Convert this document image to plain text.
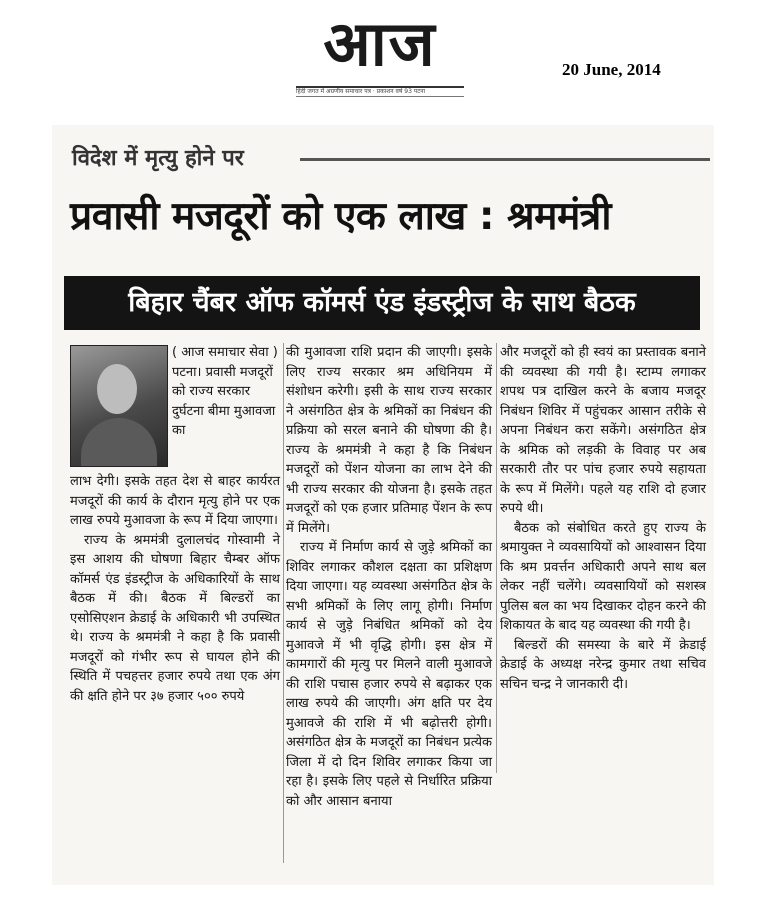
आज
हिंदी जगत में अग्रणीय समाचार पत्र · प्रकाशन वर्ष 93 पटना
20 June, 2014
विदेश में मृत्यु होने पर
प्रवासी मजदूरों को एक लाख : श्रममंत्री
बिहार चैंबर ऑफ कॉमर्स एंड इंडस्ट्रीज के साथ बैठक
( आज समाचार सेवा ) पटना। प्रवासी मजदूरों को राज्य सरकार दुर्घटना बीमा मुआवजा का

लाभ देगी। इसके तहत देश से बाहर कार्यरत मजदूरों की कार्य के दौरान मृत्यु होने पर एक लाख रुपये मुआवजा के रूप में दिया जाएगा।

राज्य के श्रममंत्री दुलालचंद गोस्वामी ने इस आशय की घोषणा बिहार चैम्बर ऑफ कॉमर्स एंड इंडस्ट्रीज के अधिकारियों के साथ बैठक में की। बैठक में बिल्डरों का एसोसिएशन क्रेडाई के अधिकारी भी उपस्थित थे। राज्य के श्रममंत्री ने कहा है कि प्रवासी मजदूरों को गंभीर रूप से घायल होने की स्थिति में पचहत्तर हजार रुपये तथा एक अंग की क्षति होने पर ३७ हजार ५०० रुपये

की मुआवजा राशि प्रदान की जाएगी। इसके लिए राज्य सरकार श्रम अधिनियम में संशोधन करेगी। इसी के साथ राज्य सरकार ने असंगठित क्षेत्र के श्रमिकों का निबंधन की प्रक्रिया को सरल बनाने की घोषणा की है। राज्य के श्रममंत्री ने कहा है कि निबंधन मजदूरों को पेंशन योजना का लाभ देने की भी राज्य सरकार की योजना है। इसके तहत मजदूरों को एक हजार प्रतिमाह पेंशन के रूप में मिलेंगे।

राज्य में निर्माण कार्य से जुड़े श्रमिकों का शिविर लगाकर कौशल दक्षता का प्रशिक्षण दिया जाएगा। यह व्यवस्था असंगठित क्षेत्र के सभी श्रमिकों के लिए लागू होगी। निर्माण कार्य से जुड़े निबंधित श्रमिकों को देय मुआवजे में भी वृद्धि होगी। इस क्षेत्र में कामगारों की मृत्यु पर मिलने वाली मुआवजे की राशि पचास हजार रुपये से बढ़ाकर एक लाख रुपये की जाएगी। अंग क्षति पर देय मुआवजे की राशि में भी बढ़ोत्तरी होगी। असंगठित क्षेत्र के मजदूरों का निबंधन प्रत्येक जिला में दो दिन शिविर लगाकर किया जा रहा है। इसके लिए पहले से निर्धारित प्रक्रिया को और आसान बनाया

और मजदूरों को ही स्वयं का प्रस्तावक बनाने की व्यवस्था की गयी है। स्टाम्प लगाकर शपथ पत्र दाखिल करने के बजाय मजदूर निबंधन शिविर में पहुंचकर आसान तरीके से अपना निबंधन करा सकेंगे। असंगठित क्षेत्र के श्रमिक को लड़की के विवाह पर अब सरकारी तौर पर पांच हजार रुपये सहायता के रूप में मिलेंगे। पहले यह राशि दो हजार रुपये थी।

बैठक को संबोधित करते हुए राज्य के श्रमायुक्त ने व्यवसायियों को आश्वासन दिया कि श्रम प्रवर्त्तन अधिकारी अपने साथ बल लेकर नहीं चलेंगे। व्यवसायियों को सशस्त्र पुलिस बल का भय दिखाकर दोहन करने की शिकायत के बाद यह व्यवस्था की गयी है।

बिल्डरों की समस्या के बारे में क्रेडाई क्रेडाई के अध्यक्ष नरेन्द्र कुमार तथा सचिव सचिन चन्द्र ने जानकारी दी।
